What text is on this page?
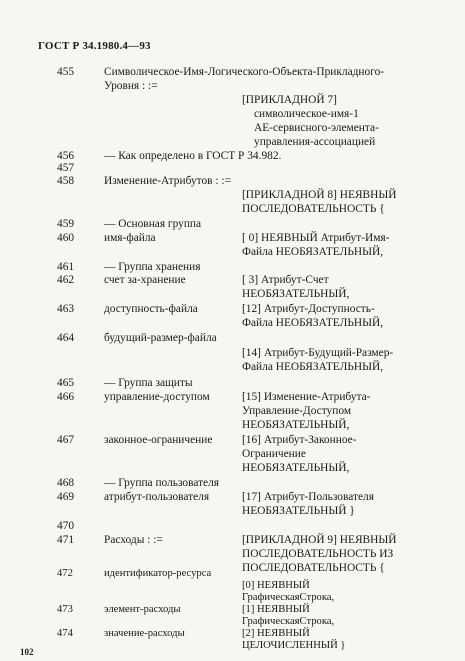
ГОСТ Р 34.1980.4—93
455	Символическое-Имя-Логического-Объекта-Прикладного-
Уровня : :=
[ПРИКЛАДНОЙ 7]
символическое-имя-1
АЕ-сервисного-элемента-
управления-ассоциацией
456	— Как определено в ГОСТ Р 34.982.
457
458	Изменение-Атрибутов : :=
[ПРИКЛАДНОЙ 8] НЕЯВНЫЙ
ПОСЛЕДОВАТЕЛЬНОСТЬ {
459	— Основная группа
460	имя-файла	[ 0] НЕЯВНЫЙ Атрибут-Имя-
Файла НЕОБЯЗАТЕЛЬНЫЙ,
461	— Группа хранения
462	счет за-хранение	[ 3] Атрибут-Счет
НЕОБЯЗАТЕЛЬНЫЙ,
463	доступность-файла	[12] Атрибут-Доступность-
Файла НЕОБЯЗАТЕЛЬНЫЙ,
464	будущий-размер-файла
[14] Атрибут-Будущий-Размер-
Файла НЕОБЯЗАТЕЛЬНЫЙ,
465	— Группа защиты
466	управление-доступом	[15] Изменение-Атрибута-
Управление-Доступом
НЕОБЯЗАТЕЛЬНЫЙ,
467	законное-ограничение	[16] Атрибут-Законное-
Ограничение
НЕОБЯЗАТЕЛЬНЫЙ,
468	— Группа пользователя
469	атрибут-пользователя	[17] Атрибут-Пользователя
НЕОБЯЗАТЕЛЬНЫЙ }
470
471	Расходы : :=	[ПРИКЛАДНОЙ 9] НЕЯВНЫЙ
ПОСЛЕДОВАТЕЛЬНОСТЬ ИЗ
ПОСЛЕДОВАТЕЛЬНОСТЬ {
472	идентификатор-ресурса
[0] НЕЯВНЫЙ
ГрафическаяСтрока,
473	элемент-расходы	[1] НЕЯВНЫЙ
ГрафическаяСтрока,
474	значение-расходы	[2] НЕЯВНЫЙ
ЦЕЛОЧИСЛЕННЫЙ }
102
